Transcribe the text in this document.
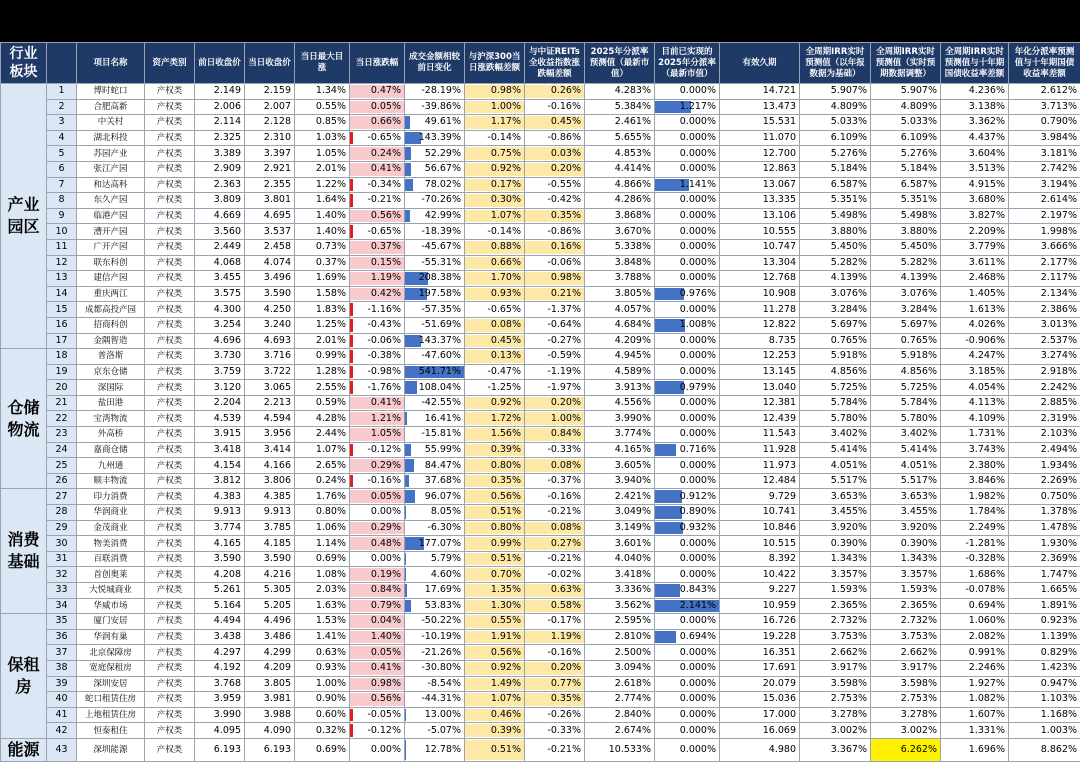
行业板块		项目名称	资产类别	前日收盘价	当日收盘价	当日最大目涨	当日涨跌幅	成交金额相较前日变化	与沪深300当日涨跌幅差额	与中证REITs全收益指数涨跌幅差额	2025年分派率预测值（最新市值）	目前已实现的2025年分派率（最新市值）	有效久期	全周期IRR实时预测值（以年报数据为基础）	全周期IRR实时预测值（实时预期数据调整）	全周期IRR实时预测值与十年期国债收益率差额	年化分派率预测值与十年期国债收益率差额
产业园区	1	博时蛇口	产权类	2.149	2.159	1.34%	0.47%	-28.19%	0.98%	0.26%	4.283%	0.000%	14.721	5.907%	5.907%	4.236%	2.612%
	2	合肥高新	产权类	2.006	2.007	0.55%	0.05%	-39.86%	1.00%	-0.16%	5.384%	1.217%	13.473	4.809%	4.809%	3.138%	3.713%
	3	中关村	产权类	2.114	2.128	0.85%	0.66%	49.61%	1.17%	0.45%	2.461%	0.000%	15.531	5.033%	5.033%	3.362%	0.790%
	4	湖北科投	产权类	2.325	2.310	1.03%	-0.65%	143.39%	-0.14%	-0.86%	5.655%	0.000%	11.070	6.109%	6.109%	4.437%	3.984%
	5	苏园产业	产权类	3.389	3.397	1.05%	0.24%	52.29%	0.75%	0.03%	4.853%	0.000%	12.700	5.276%	5.276%	3.604%	3.181%
	6	张江产园	产权类	2.909	2.921	2.01%	0.41%	56.67%	0.92%	0.20%	4.414%	0.000%	12.863	5.184%	5.184%	3.513%	2.742%
	7	和达高科	产权类	2.363	2.355	1.22%	-0.34%	78.02%	0.17%	-0.55%	4.866%	1.141%	13.067	6.587%	6.587%	4.915%	3.194%
	8	东久产园	产权类	3.809	3.801	1.64%	-0.21%	-70.26%	0.30%	-0.42%	4.286%	0.000%	13.335	5.351%	5.351%	3.680%	2.614%
	9	临港产园	产权类	4.669	4.695	1.40%	0.56%	42.99%	1.07%	0.35%	3.868%	0.000%	13.106	5.498%	5.498%	3.827%	2.197%
	10	漕开产园	产权类	3.560	3.537	1.40%	-0.65%	-18.39%	-0.14%	-0.86%	3.670%	0.000%	10.555	3.880%	3.880%	2.209%	1.998%
	11	广开产园	产权类	2.449	2.458	0.73%	0.37%	-45.67%	0.88%	0.16%	5.338%	0.000%	10.747	5.450%	5.450%	3.779%	3.666%
	12	联东科创	产权类	4.068	4.074	0.37%	0.15%	-55.31%	0.66%	-0.06%	3.848%	0.000%	13.304	5.282%	5.282%	3.611%	2.177%
	13	建信产园	产权类	3.455	3.496	1.69%	1.19%	208.38%	1.70%	0.98%	3.788%	0.000%	12.768	4.139%	4.139%	2.468%	2.117%
	14	重庆两江	产权类	3.575	3.590	1.58%	0.42%	197.58%	0.93%	0.21%	3.805%	0.976%	10.908	3.076%	3.076%	1.405%	2.134%
	15	成都高投产园	产权类	4.300	4.250	1.83%	-1.16%	-57.35%	-0.65%	-1.37%	4.057%	0.000%	11.278	3.284%	3.284%	1.613%	2.386%
	16	招商科创	产权类	3.254	3.240	1.25%	-0.43%	-51.69%	0.08%	-0.64%	4.684%	1.008%	12.822	5.697%	5.697%	4.026%	3.013%
	17	金隅智造	产权类	4.696	4.693	2.01%	-0.06%	143.37%	0.45%	-0.27%	4.209%	0.000%	8.735	0.765%	0.765%	-0.906%	2.537%
仓储物流	18	普洛斯	产权类	3.730	3.716	0.99%	-0.38%	-47.60%	0.13%	-0.59%	4.945%	0.000%	12.253	5.918%	5.918%	4.247%	3.274%
	19	京东仓储	产权类	3.759	3.722	1.28%	-0.98%	541.71%	-0.47%	-1.19%	4.589%	0.000%	13.145	4.856%	4.856%	3.185%	2.918%
	20	深国际	产权类	3.120	3.065	2.55%	-1.76%	108.04%	-1.25%	-1.97%	3.913%	0.979%	13.040	5.725%	5.725%	4.054%	2.242%
	21	盐田港	产权类	2.204	2.213	0.59%	0.41%	-42.55%	0.92%	0.20%	4.556%	0.000%	12.381	5.784%	5.784%	4.113%	2.885%
	22	宝湾物流	产权类	4.539	4.594	4.28%	1.21%	16.41%	1.72%	1.00%	3.990%	0.000%	12.439	5.780%	5.780%	4.109%	2.319%
	23	外高桥	产权类	3.915	3.956	2.44%	1.05%	-15.81%	1.56%	0.84%	3.774%	0.000%	11.543	3.402%	3.402%	1.731%	2.103%
	24	嘉商仓储	产权类	3.418	3.414	1.07%	-0.12%	55.99%	0.39%	-0.33%	4.165%	0.716%	11.928	5.414%	5.414%	3.743%	2.494%
	25	九州通	产权类	4.154	4.166	2.65%	0.29%	84.47%	0.80%	0.08%	3.605%	0.000%	11.973	4.051%	4.051%	2.380%	1.934%
	26	顺丰物流	产权类	3.812	3.806	0.24%	-0.16%	37.68%	0.35%	-0.37%	3.940%	0.000%	12.484	5.517%	5.517%	3.846%	2.269%
消费基础	27	印力消费	产权类	4.383	4.385	1.76%	0.05%	96.07%	0.56%	-0.16%	2.421%	0.912%	9.729	3.653%	3.653%	1.982%	0.750%
	28	华润商业	产权类	9.913	9.913	0.80%	0.00%	8.05%	0.51%	-0.21%	3.049%	0.890%	10.741	3.455%	3.455%	1.784%	1.378%
	29	金茂商业	产权类	3.774	3.785	1.06%	0.29%	-6.30%	0.80%	0.08%	3.149%	0.932%	10.846	3.920%	3.920%	2.249%	1.478%
	30	物美消费	产权类	4.165	4.185	1.14%	0.48%	177.07%	0.99%	0.27%	3.601%	0.000%	10.515	0.390%	0.390%	-1.281%	1.930%
	31	百联消费	产权类	3.590	3.590	0.69%	0.00%	5.79%	0.51%	-0.21%	4.040%	0.000%	8.392	1.343%	1.343%	-0.328%	2.369%
	32	首创奥莱	产权类	4.208	4.216	1.08%	0.19%	4.60%	0.70%	-0.02%	3.418%	0.000%	10.422	3.357%	3.357%	1.686%	1.747%
	33	大悦城商业	产权类	5.261	5.305	2.03%	0.84%	17.69%	1.35%	0.63%	3.336%	0.843%	9.227	1.593%	1.593%	-0.078%	1.665%
	34	华威市场	产权类	5.164	5.205	1.63%	0.79%	53.83%	1.30%	0.58%	3.562%	2.141%	10.959	2.365%	2.365%	0.694%	1.891%
保租房	35	厦门安居	产权类	4.494	4.496	1.53%	0.04%	-50.22%	0.55%	-0.17%	2.595%	0.000%	16.726	2.732%	2.732%	1.060%	0.923%
	36	华润有巢	产权类	3.438	3.486	1.41%	1.40%	-10.19%	1.91%	1.19%	2.810%	0.694%	19.228	3.753%	3.753%	2.082%	1.139%
	37	北京保障房	产权类	4.297	4.299	0.63%	0.05%	-21.26%	0.56%	-0.16%	2.500%	0.000%	16.351	2.662%	2.662%	0.991%	0.829%
	38	宽庭保租房	产权类	4.192	4.209	0.93%	0.41%	-30.80%	0.92%	0.20%	3.094%	0.000%	17.691	3.917%	3.917%	2.246%	1.423%
	39	深圳安居	产权类	3.768	3.805	1.00%	0.98%	-8.54%	1.49%	0.77%	2.618%	0.000%	20.079	3.598%	3.598%	1.927%	0.947%
	40	蛇口租赁住房	产权类	3.959	3.981	0.90%	0.56%	-44.31%	1.07%	0.35%	2.774%	0.000%	15.036	2.753%	2.753%	1.082%	1.103%
	41	上地租赁住房	产权类	3.990	3.988	0.60%	-0.05%	13.00%	0.46%	-0.26%	2.840%	0.000%	17.000	3.278%	3.278%	1.607%	1.168%
	42	恒泰租住	产权类	4.095	4.090	0.32%	-0.12%	-5.07%	0.39%	-0.33%	2.674%	0.000%	16.069	3.002%	3.002%	1.331%	1.003%
能源	43	深圳能源	产权类	6.193	6.193	0.69%	0.00%	12.78%	0.51%	-0.21%	10.533%	0.000%	4.980	3.367%	6.262%	1.696%	8.862%
